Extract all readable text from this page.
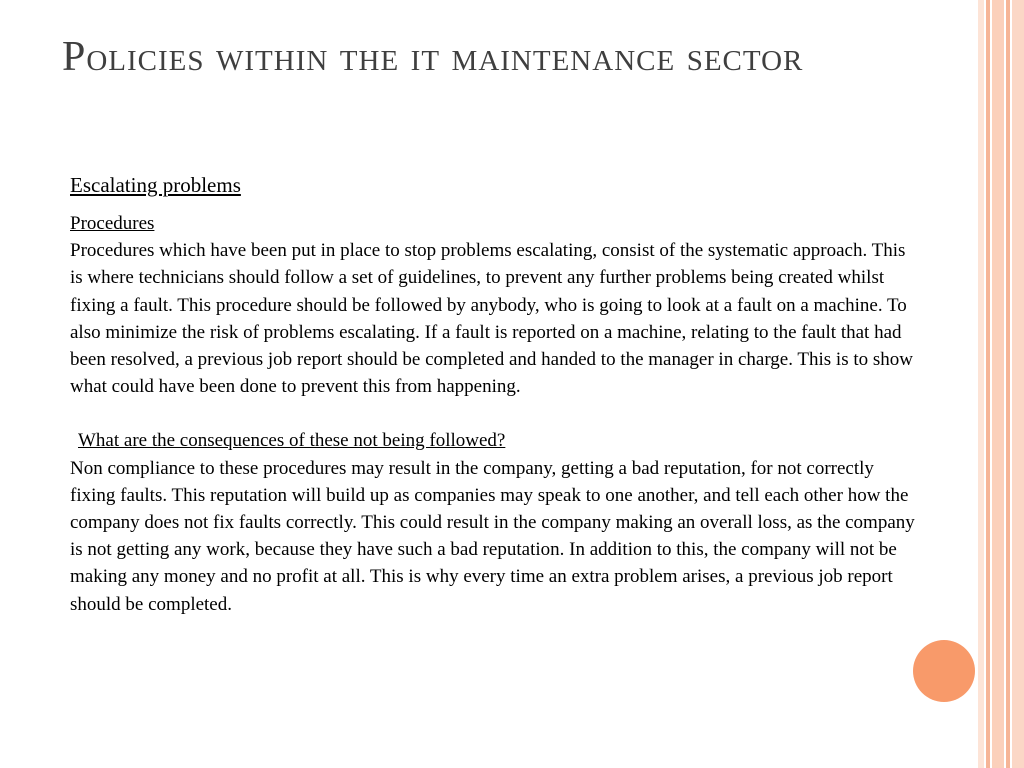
Policies within the it maintenance sector
Escalating problems
Procedures

Procedures which have been put in place to stop problems escalating, consist of the systematic approach. This is where technicians should follow a set of guidelines, to prevent any further problems being created whilst fixing a fault. This procedure should be followed by anybody, who is going to look at a fault on a machine. To also minimize the risk of problems escalating. If a fault is reported on a machine, relating to the fault that had been resolved, a previous job report should be completed and handed to the manager in charge. This is to show what could have been done to prevent this from happening.

What are the consequences of these not being followed?

Non compliance to these procedures may result in the company, getting a bad reputation, for not correctly fixing faults. This reputation will build up as companies may speak to one another, and tell each other how the company does not fix faults correctly. This could result in the company making an overall loss, as the company is not getting any work, because they have such a bad reputation. In addition to this, the company will not be making any money and no profit at all. This is why every time an extra problem arises, a previous job report should be completed.
